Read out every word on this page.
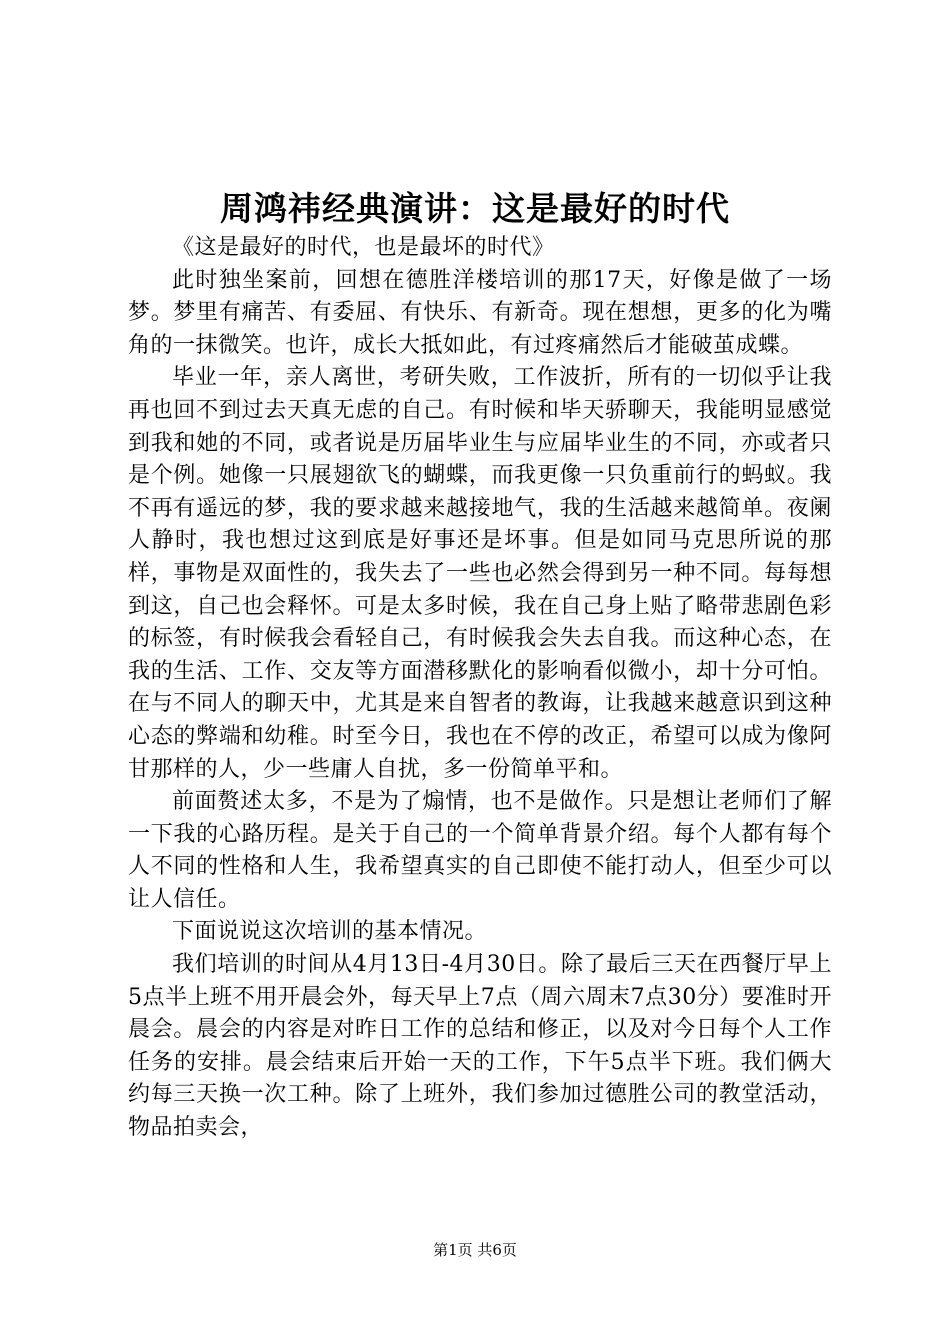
周鸿祎经典演讲：这是最好的时代

《这是最好的时代，也是最坏的时代》

此时独坐案前，回想在德胜洋楼培训的那17天，好像是做了一场梦。梦里有痛苦、有委屈、有快乐、有新奇。现在想想，更多的化为嘴角的一抹微笑。也许，成长大抵如此，有过疼痛然后才能破茧成蝶。

毕业一年，亲人离世，考研失败，工作波折，所有的一切似乎让我再也回不到过去天真无虑的自己。有时候和毕天骄聊天，我能明显感觉到我和她的不同，或者说是历届毕业生与应届毕业生的不同，亦或者只是个例。她像一只展翅欲飞的蝴蝶，而我更像一只负重前行的蚂蚁。我不再有遥远的梦，我的要求越来越接地气，我的生活越来越简单。夜阑人静时，我也想过这到底是好事还是坏事。但是如同马克思所说的那样，事物是双面性的，我失去了一些也必然会得到另一种不同。每每想到这，自己也会释怀。可是太多时候，我在自己身上贴了略带悲剧色彩的标签，有时候我会看轻自己，有时候我会失去自我。而这种心态，在我的生活、工作、交友等方面潜移默化的影响看似微小，却十分可怕。在与不同人的聊天中，尤其是来自智者的教诲，让我越来越意识到这种心态的弊端和幼稚。时至今日，我也在不停的改正，希望可以成为像阿甘那样的人，少一些庸人自扰，多一份简单平和。

前面赘述太多，不是为了煽情，也不是做作。只是想让老师们了解一下我的心路历程。是关于自己的一个简单背景介绍。每个人都有每个人不同的性格和人生，我希望真实的自己即使不能打动人，但至少可以让人信任。

下面说说这次培训的基本情况。

我们培训的时间从4月13日-4月30日。除了最后三天在西餐厅早上5点半上班不用开晨会外，每天早上7点（周六周末7点30分）要准时开晨会。晨会的内容是对昨日工作的总结和修正，以及对今日每个人工作任务的安排。晨会结束后开始一天的工作，下午5点半下班。我们俩大约每三天换一次工种。除了上班外，我们参加过德胜公司的教堂活动，物品拍卖会，

第1页 共6页
